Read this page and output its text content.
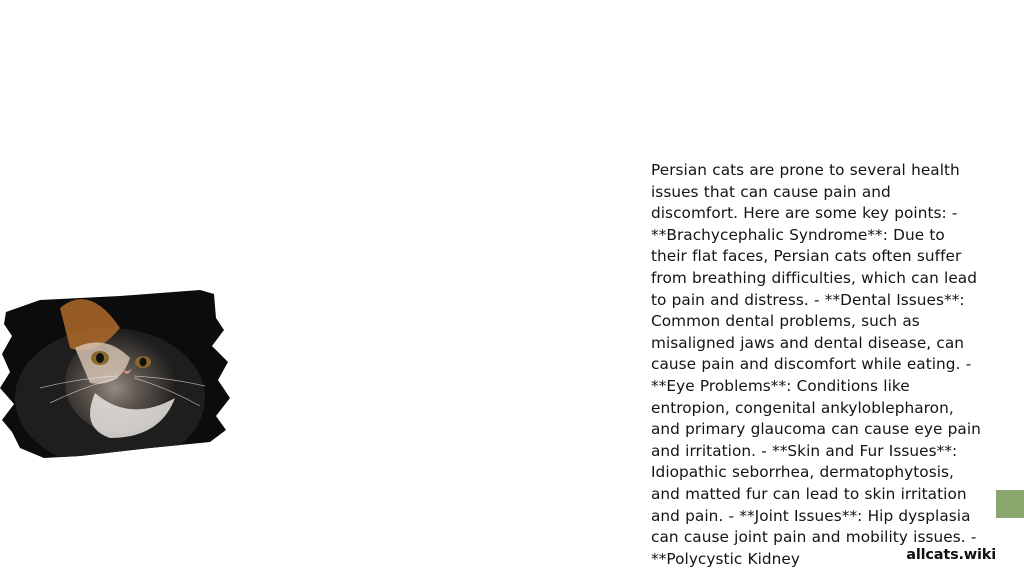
Persian cats are prone to several health issues that can cause pain and discomfort. Here are some key points: - **Brachycephalic Syndrome**: Due to their flat faces, Persian cats often suffer from breathing difficulties, which can lead to pain and distress. - **Dental Issues**: Common dental problems, such as misaligned jaws and dental disease, can cause pain and discomfort while eating. - **Eye Problems**: Conditions like entropion, congenital ankyloblepharon, and primary glaucoma can cause eye pain and irritation. - **Skin and Fur Issues**: Idiopathic seborrhea, dermatophytosis, and matted fur can lead to skin irritation and pain. - **Joint Issues**: Hip dysplasia can cause joint pain and mobility issues. - **Polycystic Kidney	allcats.wiki
